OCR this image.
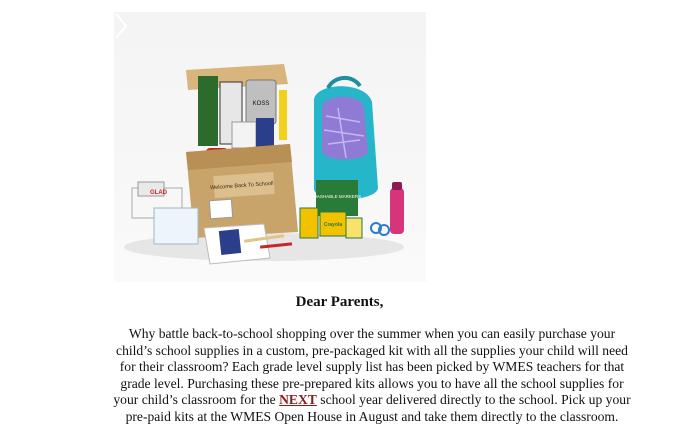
KOSS
Welcome Back To School!
GLAD
WASHABLE MARKERS
Crayola
Dear Parents,
Why battle back-to-school shopping over the summer when you can easily purchase your child’s school supplies in a custom, pre-packaged kit with all the supplies your child will need for their classroom? Each grade level supply list has been picked by WMES teachers for that grade level. Purchasing these pre-prepared kits allows you to have all the school supplies for your child’s classroom for the NEXT school year delivered directly to the school. Pick up your pre-paid kits at the WMES Open House in August and take them directly to the classroom.
